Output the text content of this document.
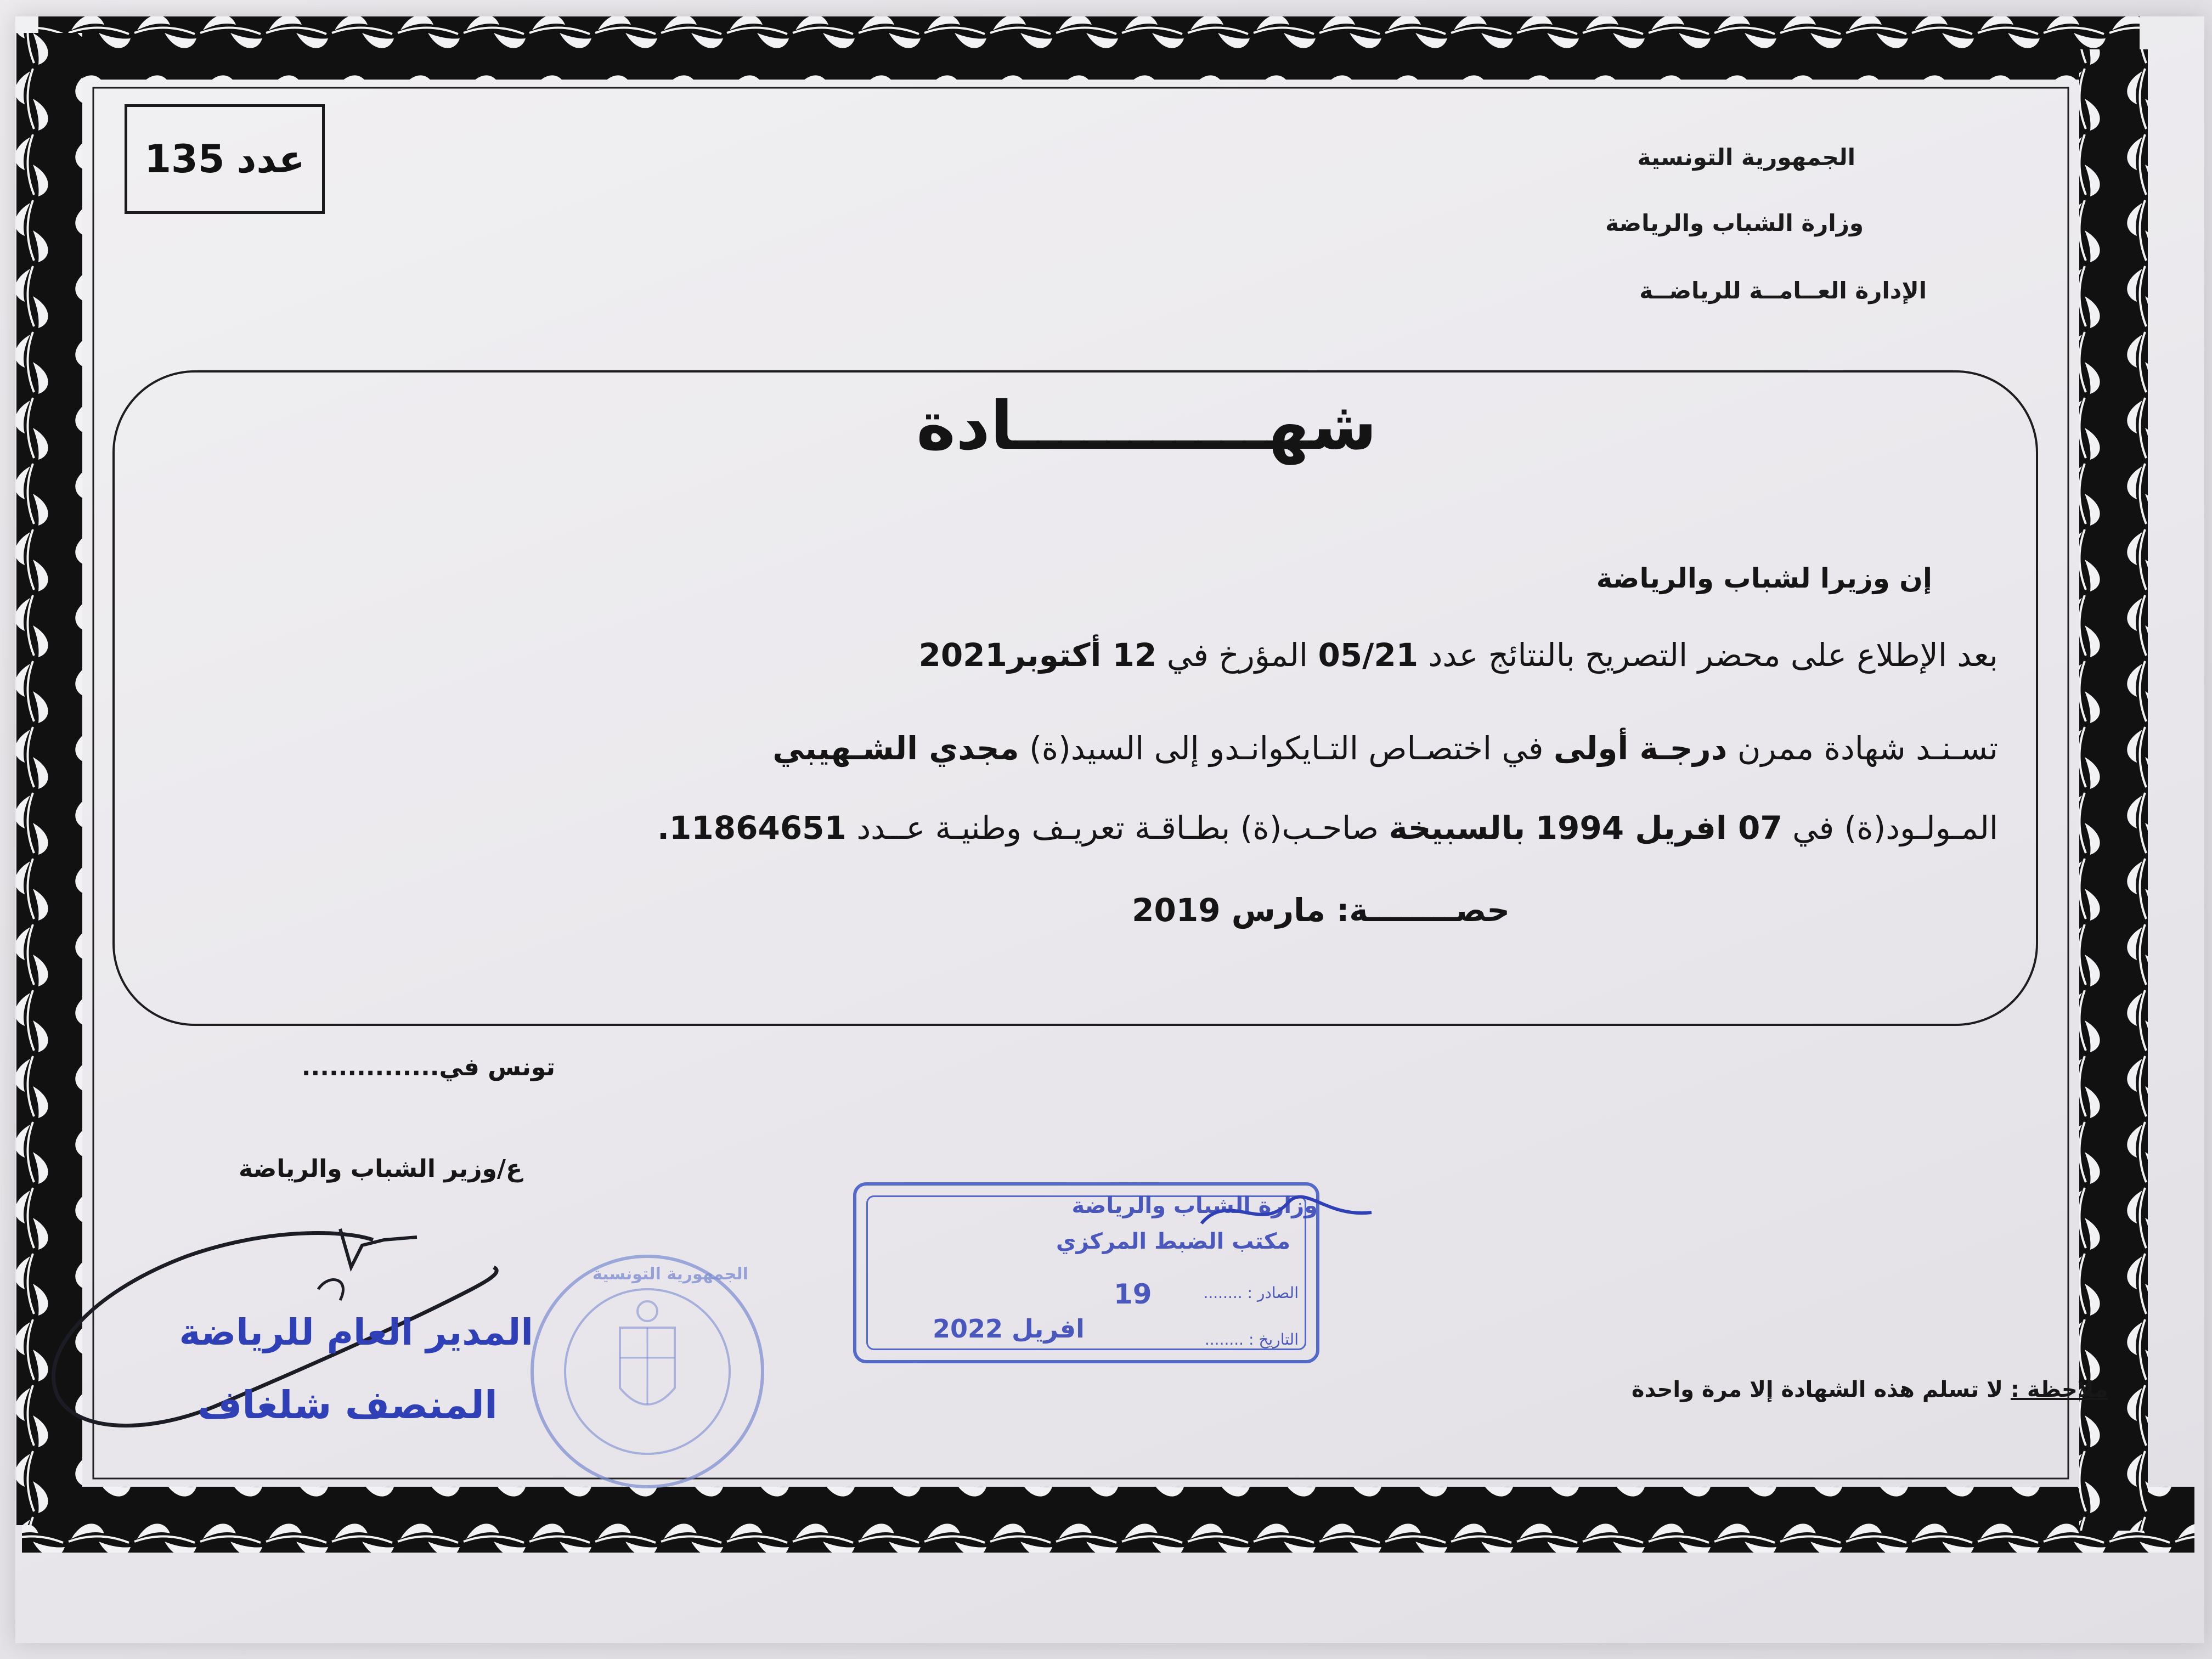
عدد
135	الجمهورية التونسية
وزارة الشباب والرياضة
الإدارة العــامــة للرياضــة
شهـــــــــــادة
إن وزيرا لشباب والرياضة
بعد الإطلاع على محضر التصريح بالنتائج عدد 05/21 المؤرخ في 12 أكتوبر2021
تسـنـد شهادة ممرن درجـة أولى في اختصـاص التـايكوانـدو إلى السيد(ة) مجدي الشـهيبي
المـولـود(ة) في 07 افريل 1994 بالسبيخة صاحـب(ة) بطـاقـة تعريـف وطنيـة عــدد 11864651.
حصــــــــة: مارس 2019
تونس في...............
ع/وزير الشباب والرياضة
الجمهورية التونسية
المدير العام للرياضة
المنصف شلغاف
وزارة الشباب والرياضة
مكتب الضبط المركزي
الصادر : ........
التاريخ : ........
19
افريل 2022
ملاحظة : لا تسلم هذه الشهادة إلا مرة واحدة
